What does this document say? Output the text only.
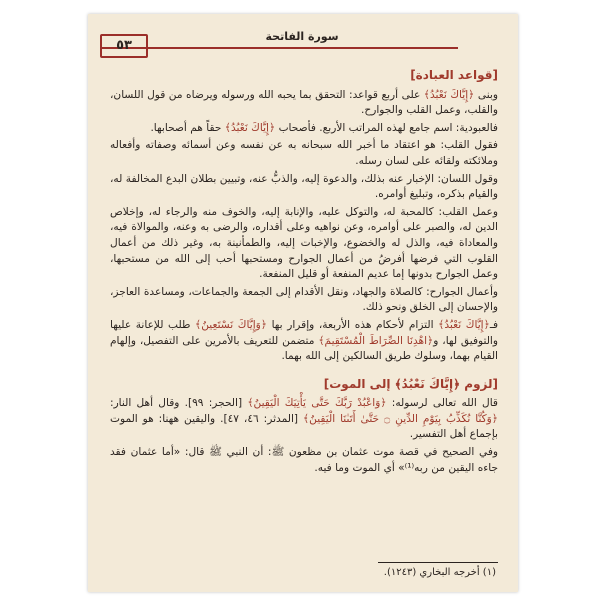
سورة الفاتحة
٥٣
[قواعد العبادة]

وبنى ﴿إِيَّاكَ نَعْبُدُ﴾ على أربع قواعد: التحقق بما يحبه الله ورسوله ويرضاه من قول اللسان، والقلب، وعمل القلب والجوارح.

فالعبودية: اسم جامع لهذه المراتب الأربع. فأصحاب ﴿إِيَّاكَ نَعْبُدُ﴾ حقاً هم أصحابها.

فقول القلب: هو اعتقاد ما أخبر الله سبحانه به عن نفسه وعن أسمائه وصفاته وأفعاله وملائكته ولقائه على لسان رسله.

وقول اللسان: الإخبار عنه بذلك، والدعوة إليه، والذبُّ عنه، وتبيين بطلان البدع المخالفة له، والقيام بذكره، وتبليغ أوامره.

وعمل القلب: كالمحبة له، والتوكل عليه، والإنابة إليه، والخوف منه والرجاء له، وإخلاص الدين له، والصبر على أوامره، وعن نواهيه وعلى أقداره، والرضى به وعنه، والموالاة فيه، والمعاداة فيه، والذل له والخضوع، والإخبات إليه، والطمأنينة به، وغير ذلك من أعمال القلوب التي فرضها أفرضُ من أعمال الجوارح ومستحبها أحب إلى الله من مستحبها، وعمل الجوارح بدونها إما عديم المنفعة أو قليل المنفعة.

وأعمال الجوارح: كالصلاة والجهاد، ونقل الأقدام إلى الجمعة والجماعات، ومساعدة العاجز، والإحسان إلى الخلق ونحو ذلك.

فـ﴿إِيَّاكَ نَعْبُدُ﴾ التزام لأحكام هذه الأربعة، وإقرار بها ﴿وَإِيَّاكَ نَسْتَعِينُ﴾ طلب للإعانة عليها والتوفيق لها، و﴿اهْدِنَا الصِّرَاطَ الْمُسْتَقِيمَ﴾ متضمن للتعريف بالأمرين على التفصيل، وإلهام القيام بهما، وسلوك طريق السالكين إلى الله بهما.

[لزوم ﴿إِيَّاكَ نَعْبُدُ﴾ إلى الموت]

قال الله تعالى لرسوله: ﴿وَاعْبُدْ رَبَّكَ حَتَّى يَأْتِيَكَ الْيَقِينُ﴾ [الحجر: ٩٩]. وقال أهل النار: ﴿وَكُنَّا نُكَذِّبُ بِيَوْمِ الدِّينِ ۝ حَتَّىٰ أَتَىٰنَا الْيَقِينُ﴾ [المدثر: ٤٦، ٤٧]. واليقين ههنا: هو الموت بإجماع أهل التفسير.

وفي الصحيح في قصة موت عثمان بن مظعون ﷺ: أن النبي ﷺ قال: «أما عثمان فقد جاءه اليقين من ربه⁽¹⁾» أي الموت وما فيه.

(١) أخرجه البخاري (١٢٤٣).
